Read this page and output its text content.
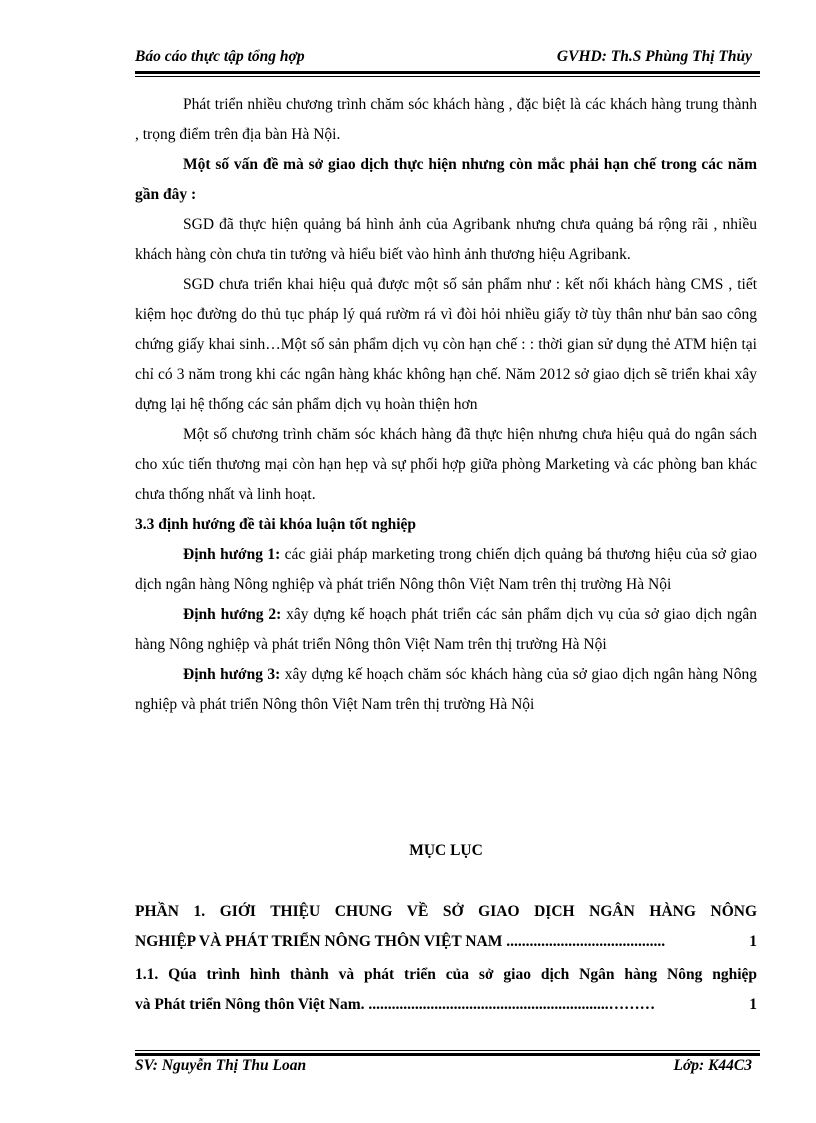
Báo cáo thực tập tổng hợp	GVHD: Th.S Phùng Thị Thủy

Phát triển nhiều chương trình chăm sóc khách hàng , đặc biệt là các khách hàng trung thành , trọng điểm trên địa bàn Hà Nội.

Một số vấn đề mà sở giao dịch thực hiện nhưng còn mắc phải hạn chế trong các năm gần đây :

SGD đã thực hiện quảng bá hình ảnh của Agribank nhưng chưa quảng bá rộng rãi , nhiều khách hàng còn chưa tin tưởng và hiểu biết vào hình ảnh thương hiệu Agribank.

SGD chưa triển khai hiệu quả được một số sản phẩm như : kết nối khách hàng CMS , tiết kiệm học đường do thủ tục pháp lý quá rườm rá vì đòi hỏi nhiều giấy tờ tùy thân như bản sao công chứng giấy khai sinh…Một số sản phẩm dịch vụ còn hạn chế : : thời gian sử dụng thẻ ATM hiện tại chỉ có 3 năm trong khi các ngân hàng khác không hạn chế. Năm 2012 sở giao dịch sẽ triển khai xây dựng lại hệ thống các sản phẩm dịch vụ hoàn thiện hơn

Một số chương trình chăm sóc khách hàng đã thực hiện nhưng chưa hiệu quả do ngân sách cho xúc tiến thương mại còn hạn hẹp và sự phối hợp giữa phòng Marketing và các phòng ban khác chưa thống nhất và linh hoạt.

3.3 định hướng đề tài khóa luận tốt nghiệp

Định hướng 1: các giải pháp marketing trong chiến dịch quảng bá thương hiệu của sở giao dịch ngân hàng Nông nghiệp và phát triển Nông thôn Việt Nam trên thị trường Hà Nội

Định hướng 2: xây dựng kế hoạch phát triển các sản phẩm dịch vụ của sở giao dịch ngân hàng Nông nghiệp và phát triển Nông thôn Việt Nam trên thị trường Hà Nội

Định hướng 3: xây dựng kế hoạch chăm sóc khách hàng của sở giao dịch ngân hàng Nông nghiệp và phát triển Nông thôn Việt Nam trên thị trường Hà Nội

MỤC LỤC
PHẦN 1. GIỚI THIỆU CHUNG VỀ SỞ GIAO DỊCH NGÂN HÀNG NÔNG
NGHIỆP VÀ PHÁT TRIỂN NÔNG THÔN VIỆT NAM .........................................	1
1.1. Qúa trình hình thành và phát triển của sở giao dịch Ngân hàng Nông nghiệp
và Phát triển Nông thôn Việt Nam. ..............................................................………	1
SV: Nguyễn Thị Thu Loan	Lớp: K44C3
